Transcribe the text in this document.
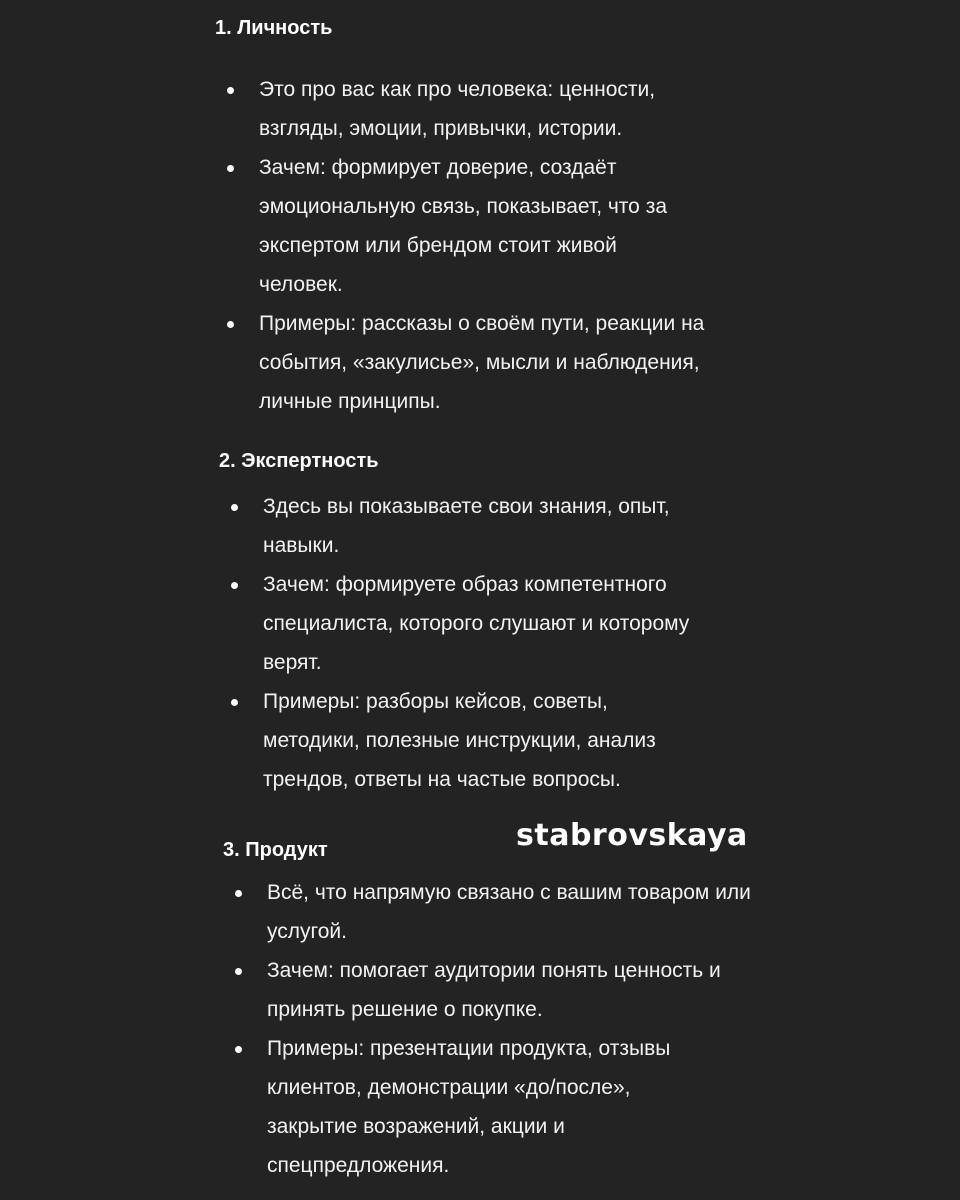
1. Личность
Это про вас как про человека: ценности, взгляды, эмоции, привычки, истории.
Зачем: формирует доверие, создаёт эмоциональную связь, показывает, что за экспертом или брендом стоит живой человек.
Примеры: рассказы о своём пути, реакции на события, «закулисье», мысли и наблюдения, личные принципы.
2. Экспертность
Здесь вы показываете свои знания, опыт, навыки.
Зачем: формируете образ компетентного специалиста, которого слушают и которому верят.
Примеры: разборы кейсов, советы, методики, полезные инструкции, анализ трендов, ответы на частые вопросы.
3. Продукт
Всё, что напрямую связано с вашим товаром или услугой.
Зачем: помогает аудитории понять ценность и принять решение о покупке.
Примеры: презентации продукта, отзывы клиентов, демонстрации «до/после», закрытие возражений, акции и спецпредложения.
stabrovskaya
